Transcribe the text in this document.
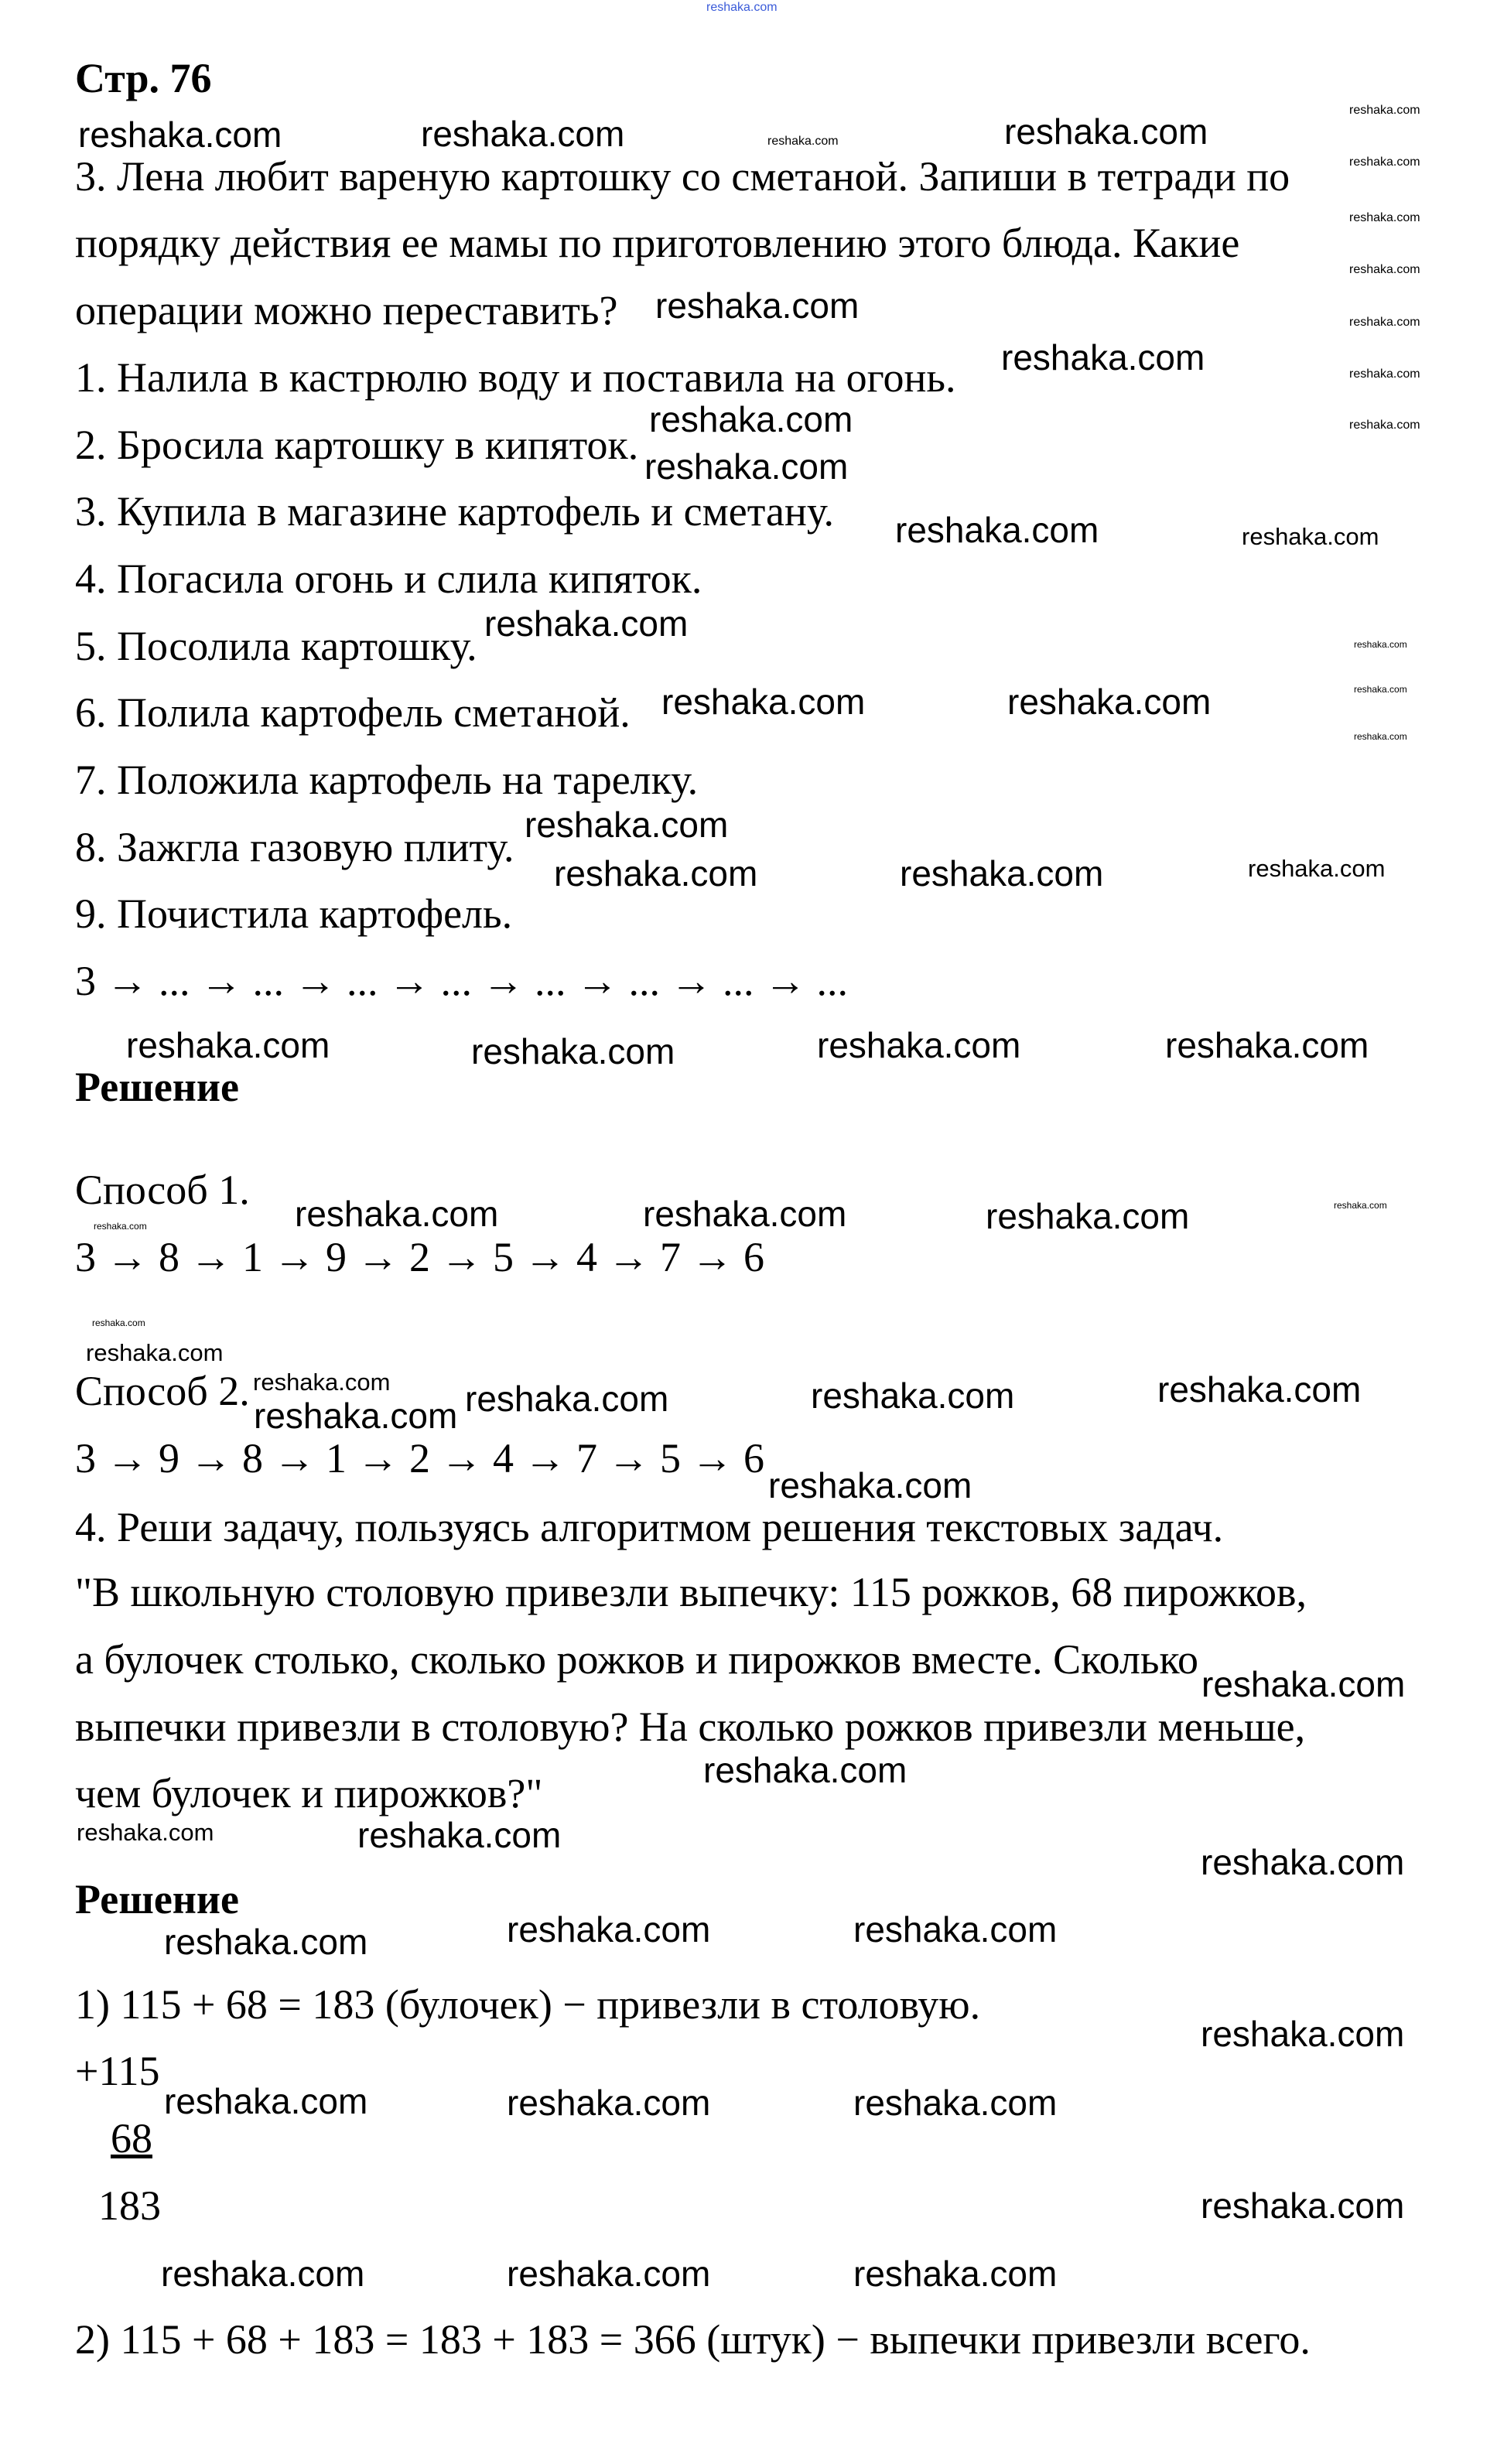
Стр. 76
3. Лена любит вареную картошку со сметаной. Запиши в тетради по
порядку действия ее мамы по приготовлению этого блюда. Какие
операции можно переставить?
1. Налила в кастрюлю воду и поставила на огонь.
2. Бросила картошку в кипяток.
3. Купила в магазине картофель и сметану.
4. Погасила огонь и слила кипяток.
5. Посолила картошку.
6. Полила картофель сметаной.
7. Положила картофель на тарелку.
8. Зажгла газовую плиту.
9. Почистила картофель.
3 → ... → ... → ... → ... → ... → ... → ... → ...
Решение
Способ 1.
3 → 8 → 1 → 9 → 2 → 5 → 4 → 7 → 6
Способ 2.
3 → 9 → 8 → 1 → 2 → 4 → 7 → 5 → 6
4. Реши задачу, пользуясь алгоритмом решения текстовых задач.
"В школьную столовую привезли выпечку: 115 рожков, 68 пирожков,
а булочек столько, сколько рожков и пирожков вместе. Сколько
выпечки привезли в столовую? На сколько рожков привезли меньше,
чем булочек и пирожков?"
Решение
1) 115 + 68 = 183 (булочек) − привезли в столовую.
+115
68
183
2) 115 + 68 + 183 = 183 + 183 = 366 (штук) − выпечки привезли всего.
reshaka.com	reshaka.com
reshaka.com
reshaka.com
reshaka.com
reshaka.com
reshaka.com
reshaka.com
reshaka.com
reshaka.com	reshaka.com
reshaka.com
reshaka.com	reshaka.com
reshaka.com	reshaka.com	reshaka.com	reshaka.com
reshaka.com	reshaka.com	reshaka.com
reshaka.com	reshaka.com	reshaka.com
reshaka.com
reshaka.com
reshaka.com
reshaka.com
reshaka.com
reshaka.com
reshaka.com	reshaka.com	reshaka.com
reshaka.com
reshaka.com	reshaka.com	reshaka.com
reshaka.com
reshaka.com	reshaka.com	reshaka.com
reshaka.com
reshaka.com
reshaka.com
reshaka.com
reshaka.com
reshaka.com
reshaka.com
reshaka.com
reshaka.com
reshaka.com
reshaka.com
reshaka.com
reshaka.com
reshaka.com
reshaka.com
reshaka.com
reshaka.com
reshaka.com
reshaka.com
reshaka.com
